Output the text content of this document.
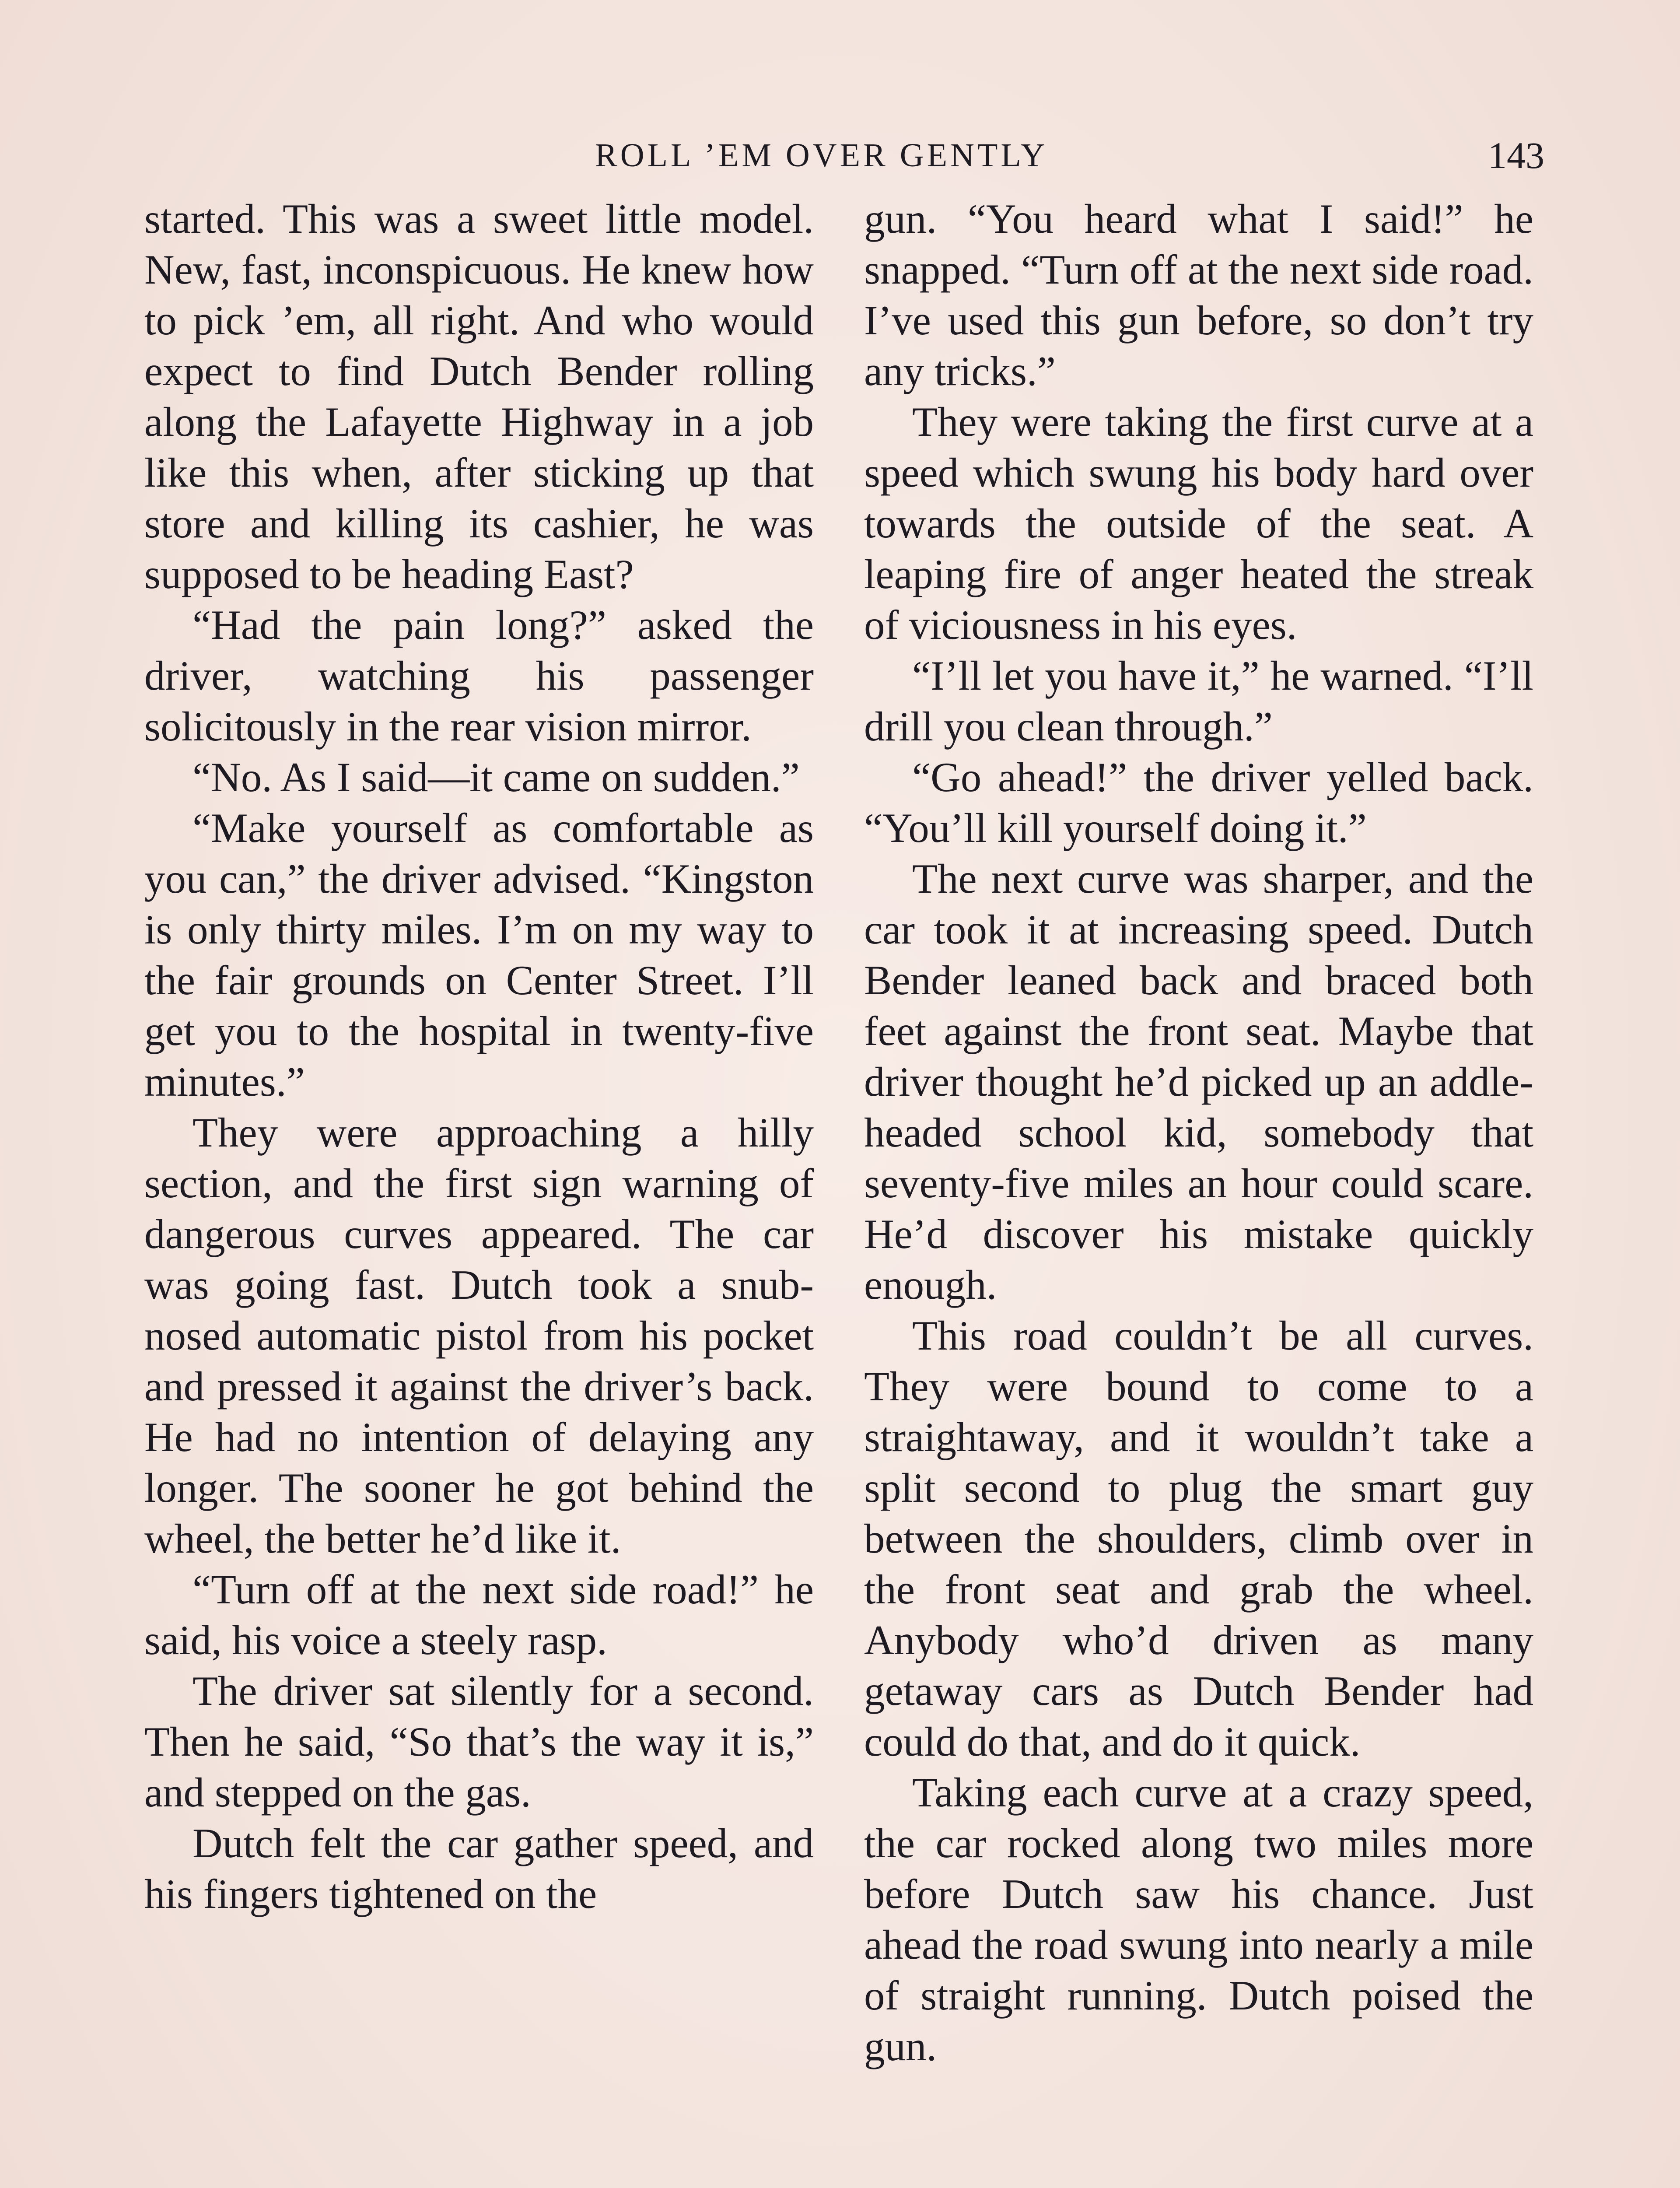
ROLL ’EM OVER GENTLY	143

started. This was a sweet little model. New, fast, inconspicuous. He knew how to pick ’em, all right. And who would expect to find Dutch Bender rolling along the Lafayette Highway in a job like this when, after sticking up that store and killing its cashier, he was supposed to be heading East?

“Had the pain long?” asked the driver, watching his passenger solicitously in the rear vision mirror.

“No. As I said—it came on sudden.”

“Make yourself as comfortable as you can,” the driver advised. “Kingston is only thirty miles. I’m on my way to the fair grounds on Center Street. I’ll get you to the hospital in twenty-five minutes.”

They were approaching a hilly section, and the first sign warning of dangerous curves appeared. The car was going fast. Dutch took a snub-nosed automatic pistol from his pocket and pressed it against the driver’s back. He had no intention of delaying any longer. The sooner he got behind the wheel, the better he’d like it.

“Turn off at the next side road!” he said, his voice a steely rasp.

The driver sat silently for a second. Then he said, “So that’s the way it is,” and stepped on the gas.

Dutch felt the car gather speed, and his fingers tightened on the

gun. “You heard what I said!” he snapped. “Turn off at the next side road. I’ve used this gun before, so don’t try any tricks.”

They were taking the first curve at a speed which swung his body hard over towards the outside of the seat. A leaping fire of anger heated the streak of viciousness in his eyes.

“I’ll let you have it,” he warned. “I’ll drill you clean through.”

“Go ahead!” the driver yelled back. “You’ll kill yourself doing it.”

The next curve was sharper, and the car took it at increasing speed. Dutch Bender leaned back and braced both feet against the front seat. Maybe that driver thought he’d picked up an addle-headed school kid, somebody that seventy-five miles an hour could scare. He’d discover his mistake quickly enough.

This road couldn’t be all curves. They were bound to come to a straightaway, and it wouldn’t take a split second to plug the smart guy between the shoulders, climb over in the front seat and grab the wheel. Anybody who’d driven as many getaway cars as Dutch Bender had could do that, and do it quick.

Taking each curve at a crazy speed, the car rocked along two miles more before Dutch saw his chance. Just ahead the road swung into nearly a mile of straight running. Dutch poised the gun.
